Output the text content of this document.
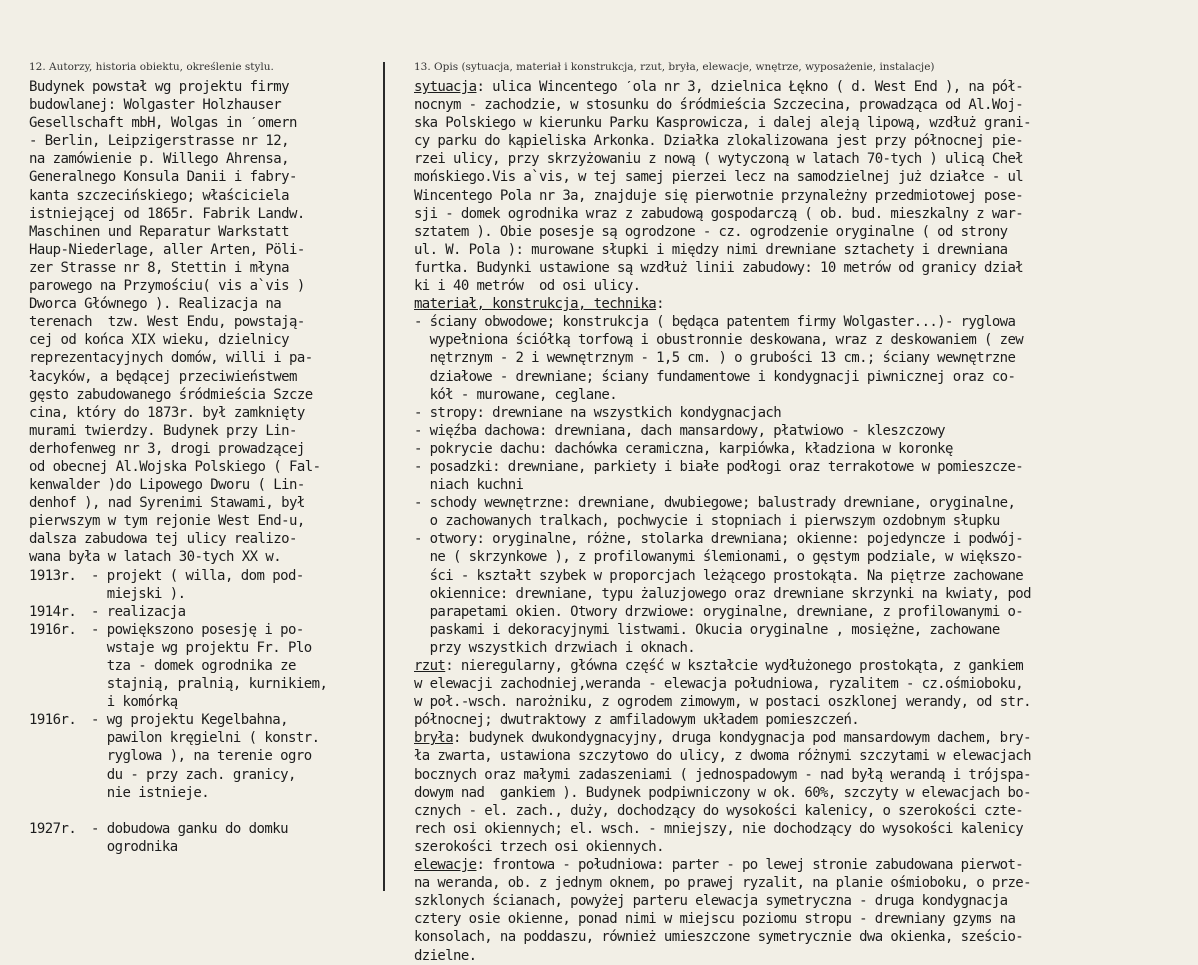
12. Autorzy, historia obiektu, określenie stylu.
Budynek powstał wg projektu firmy
budowlanej: Wolgaster Holzhauser
Gesellschaft mbH, Wolgas in ˊomern
- Berlin, Leipzigerstrasse nr 12,
na zamówienie p. Willego Ahrensa,
Generalnego Konsula Danii i fabry-
kanta szczecińskiego; właściciela
istniejącej od 1865r. Fabrik Landw.
Maschinen und Reparatur Warkstatt
Haup-Niederlage, aller Arten, Pöli-
zer Strasse nr 8, Stettin i młyna
parowego na Przymościu( vis a`vis )
Dworca Głównego ). Realizacja na
terenach  tzw. West Endu, powstają-
cej od końca XIX wieku, dzielnicy
reprezentacyjnych domów, willi i pa-
łacyków, a będącej przeciwieństwem
gęsto zabudowanego śródmieścia Szcze
cina, który do 1873r. był zamknięty
murami twierdzy. Budynek przy Lin-
derhofenweg nr 3, drogi prowadzącej
od obecnej Al.Wojska Polskiego ( Fal-
kenwalder )do Lipowego Dworu ( Lin-
denhof ), nad Syrenimi Stawami, był
pierwszym w tym rejonie West End-u,
dalsza zabudowa tej ulicy realizo-
wana była w latach 30-tych XX w.
1913r. - projekt ( willa, dom pod-
miejski ).
1914r. - realizacja
1916r. - powiększono posesję i po-
wstaje wg projektu Fr. Plo
tza - domek ogrodnika ze
stajnią, pralnią, kurnikiem,
i komórką
1916r. - wg projektu Kegelbahna,
pawilon kręgielni ( konstr.
ryglowa ), na terenie ogro
du - przy zach. granicy,
nie istnieje.
1927r. - dobudowa ganku do domku
ogrodnika
13. Opis (sytuacja, materiał i konstrukcja, rzut, bryła, elewacje, wnętrze, wyposażenie, instalacje)
sytuacja: ulica Wincentego ˊola nr 3, dzielnica Łękno ( d. West End ), na pół-
nocnym - zachodzie, w stosunku do śródmieścia Szczecina, prowadząca od Al.Woj-
ska Polskiego w kierunku Parku Kasprowicza, i dalej aleją lipową, wzdłuż grani-
cy parku do kąpieliska Arkonka. Działka zlokalizowana jest przy północnej pie-
rzei ulicy, przy skrzyżowaniu z nową ( wytyczoną w latach 70-tych ) ulicą Cheł
mońskiego.Vis a`vis, w tej samej pierzei lecz na samodzielnej już działce - ul
Wincentego Pola nr 3a, znajduje się pierwotnie przynależny przedmiotowej pose-
sji - domek ogrodnika wraz z zabudową gospodarczą ( ob. bud. mieszkalny z war-
sztatem ). Obie posesje są ogrodzone - cz. ogrodzenie oryginalne ( od strony
ul. W. Pola ): murowane słupki i między nimi drewniane sztachety i drewniana
furtka. Budynki ustawione są wzdłuż linii zabudowy: 10 metrów od granicy dział
ki i 40 metrów  od osi ulicy.
materiał, konstrukcja, technika:
- ściany obwodowe; konstrukcja ( będąca patentem firmy Wolgaster...)- ryglowa
wypełniona ściółką torfową i obustronnie deskowana, wraz z deskowaniem ( zew
nętrznym - 2 i wewnętrznym - 1,5 cm. ) o grubości 13 cm.; ściany wewnętrzne
działowe - drewniane; ściany fundamentowe i kondygnacji piwnicznej oraz co-
kół - murowane, ceglane.
- stropy: drewniane na wszystkich kondygnacjach
- więźba dachowa: drewniana, dach mansardowy, płatwiowo - kleszczowy
- pokrycie dachu: dachówka ceramiczna, karpiówka, kładziona w koronkę
- posadzki: drewniane, parkiety i białe podłogi oraz terrakotowe w pomieszcze-
niach kuchni
- schody wewnętrzne: drewniane, dwubiegowe; balustrady drewniane, oryginalne,
o zachowanych tralkach, pochwycie i stopniach i pierwszym ozdobnym słupku
- otwory: oryginalne, różne, stolarka drewniana; okienne: pojedyncze i podwój-
ne ( skrzynkowe ), z profilowanymi ślemionami, o gęstym podziale, w większo-
ści - kształt szybek w proporcjach leżącego prostokąta. Na piętrze zachowane
okiennice: drewniane, typu żaluzjowego oraz drewniane skrzynki na kwiaty, pod
parapetami okien. Otwory drzwiowe: oryginalne, drewniane, z profilowanymi o-
paskami i dekoracyjnymi listwami. Okucia oryginalne , mosiężne, zachowane
przy wszystkich drzwiach i oknach.
rzut: nieregularny, główna część w kształcie wydłużonego prostokąta, z gankiem
w elewacji zachodniej,weranda - elewacja południowa, ryzalitem - cz.ośmioboku,
w poł.-wsch. narożniku, z ogrodem zimowym, w postaci oszklonej werandy, od str.
północnej; dwutraktowy z amfiladowym układem pomieszczeń.
bryła: budynek dwukondygnacyjny, druga kondygnacja pod mansardowym dachem, bry-
ła zwarta, ustawiona szczytowo do ulicy, z dwoma różnymi szczytami w elewacjach
bocznych oraz małymi zadaszeniami ( jednospadowym - nad byłą werandą i trójspa-
dowym nad  gankiem ). Budynek podpiwniczony w ok. 60%, szczyty w elewacjach bo-
cznych - el. zach., duży, dochodzący do wysokości kalenicy, o szerokości czte-
rech osi okiennych; el. wsch. - mniejszy, nie dochodzący do wysokości kalenicy
szerokości trzech osi okiennych.
elewacje: frontowa - południowa: parter - po lewej stronie zabudowana pierwot-
na weranda, ob. z jednym oknem, po prawej ryzalit, na planie ośmioboku, o prze-
szklonych ścianach, powyżej parteru elewacja symetryczna - druga kondygnacja
cztery osie okienne, ponad nimi w miejscu poziomu stropu - drewniany gzyms na
konsolach, na poddaszu, również umieszczone symetrycznie dwa okienka, sześcio-
dzielne.
